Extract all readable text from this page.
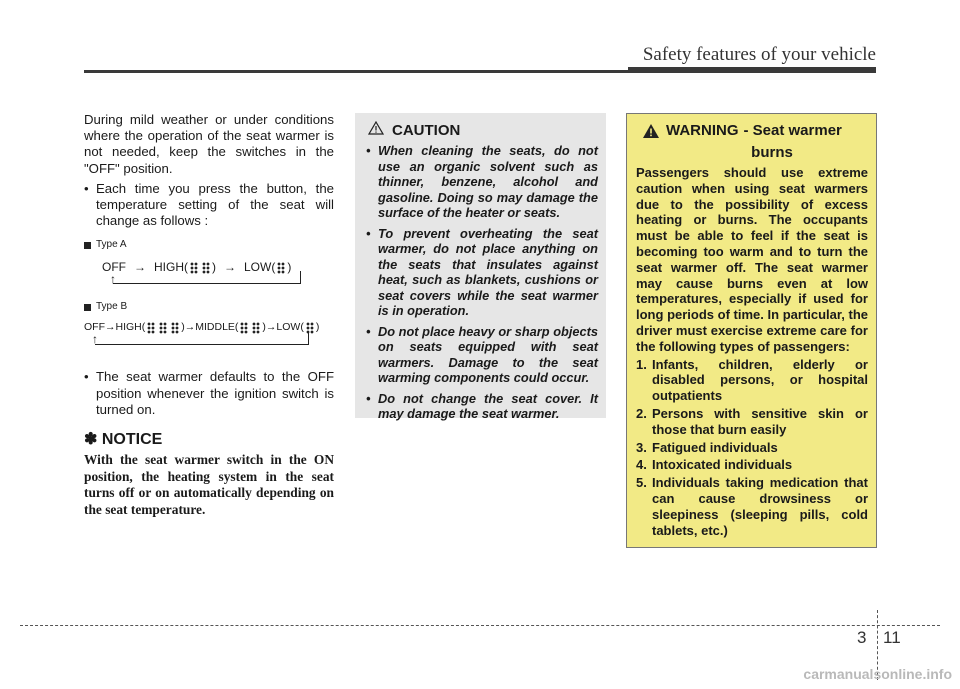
Safety features of your vehicle

During mild weather or under conditions where the operation of the seat warmer is not needed, keep the switches in the "OFF" position.

• Each time you press the button, the temperature setting of the seat will change as follows :
Type A
OFF → HIGH( ) → LOW( )
↑
Type B
OFF → HIGH(	) → MIDDLE( ) → LOW( )
↑
• The seat warmer defaults to the OFF position whenever the ignition switch is turned on.
✽ NOTICE

With the seat warmer switch in the ON position, the heating system in the seat turns off or on automatically depending on the seat temperature.

CAUTION
• When cleaning the seats, do not use an organic solvent such as thinner, benzene, alcohol and gasoline. Doing so may damage the surface of the heater or seats.
• To prevent overheating the seat warmer, do not place anything on the seats that insulates against heat, such as blankets, cushions or seat covers while the seat warmer is in operation.
• Do not place heavy or sharp objects on seats equipped with seat warmers. Damage to the seat warming components could occur.
• Do not change the seat cover. It may damage the seat warmer.
WARNING - Seat warmer
burns

Passengers should use extreme caution when using seat warmers due to the possibility of excess heating or burns. The occupants must be able to feel if the seat is becoming too warm and to turn the seat warmer off. The seat warmer may cause burns even at low temperatures, especially if used for long periods of time. In particular, the driver must exercise extreme care for the following types of passengers:

1. Infants, children, elderly or disabled persons, or hospital outpatients
2. Persons with sensitive skin or those that burn easily
3. Fatigued individuals
4. Intoxicated individuals
5. Individuals taking medication that can cause drowsiness or sleepiness (sleeping pills, cold tablets, etc.)
3 11
carmanualsonline.info
